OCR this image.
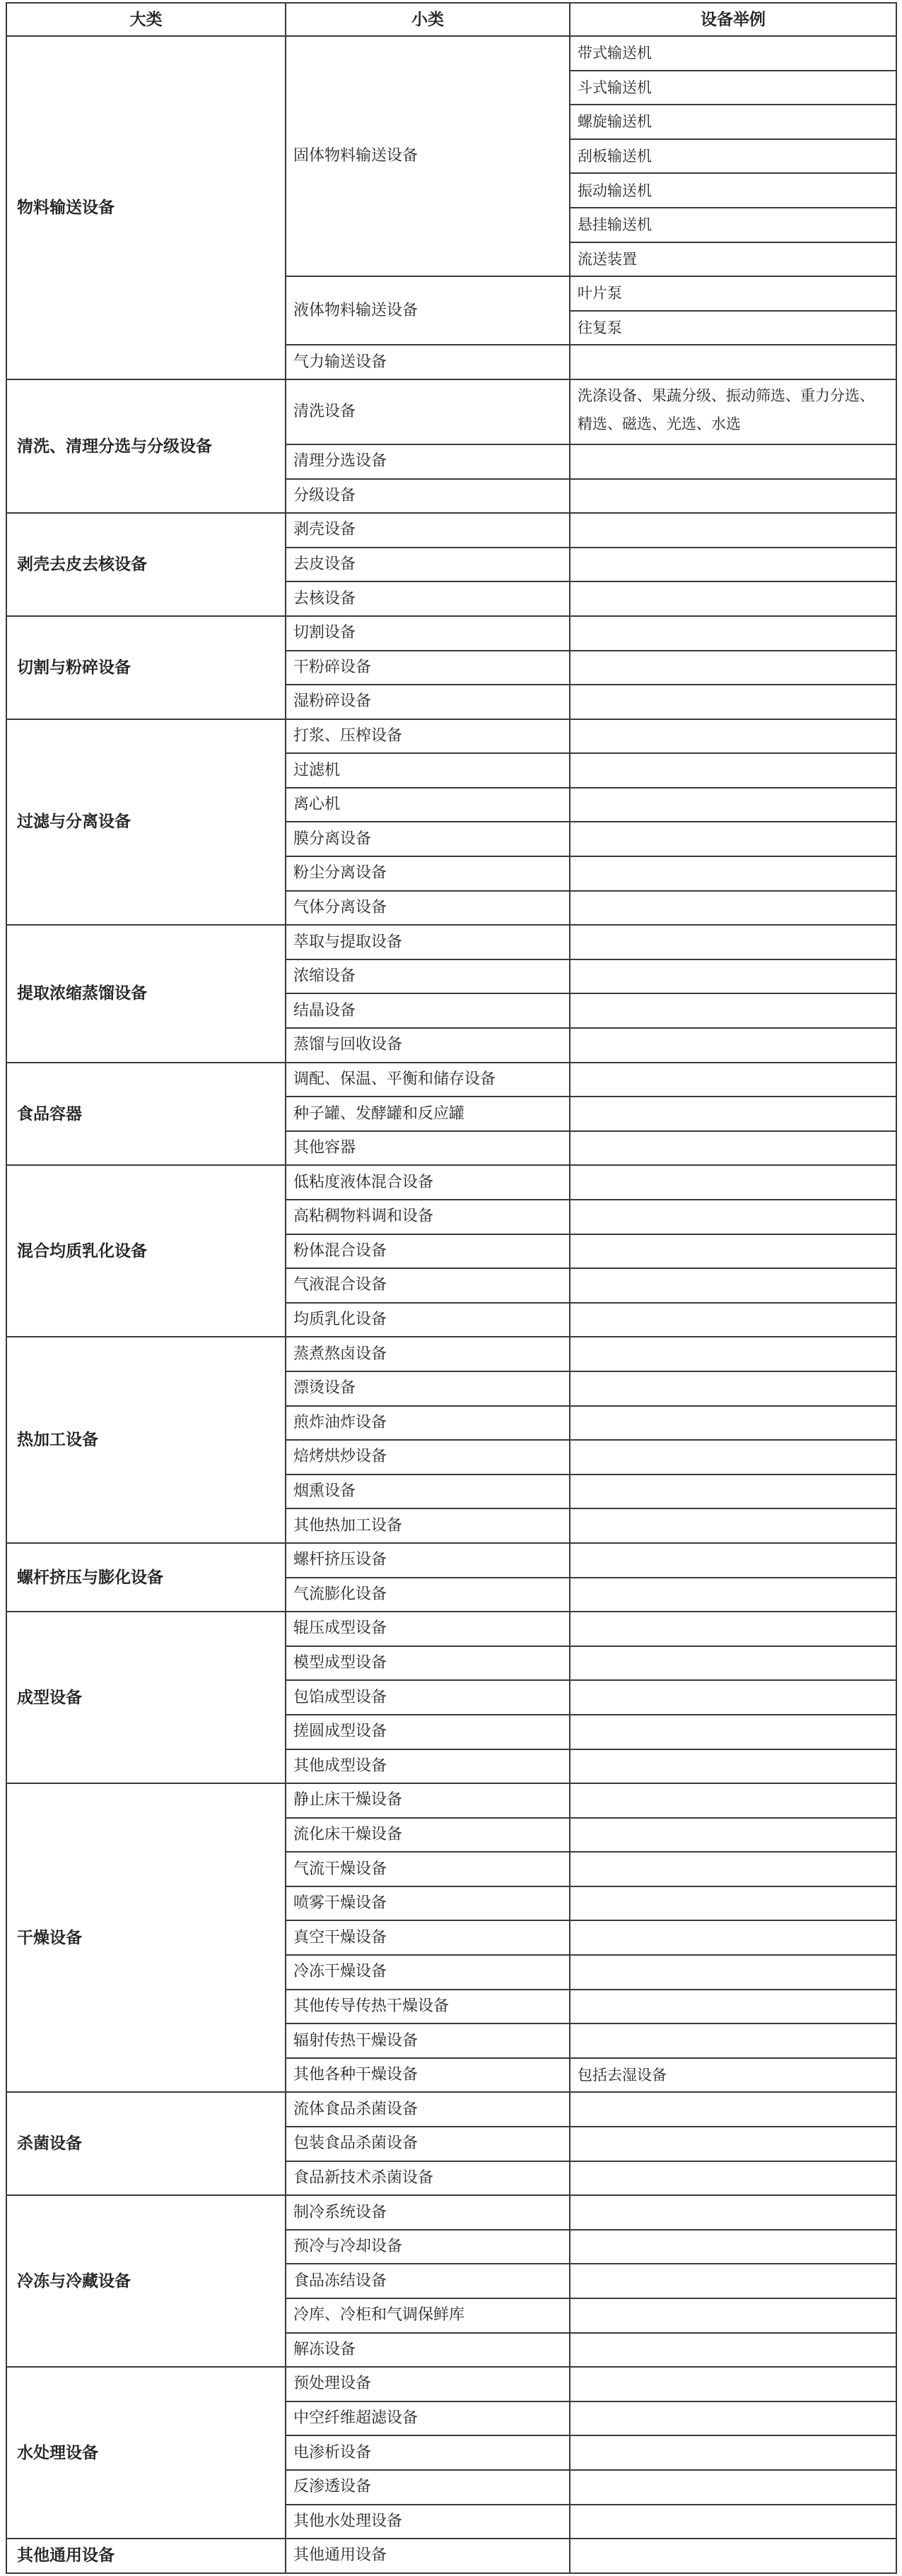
大类	小类	设备举例
物料输送设备	固体物料输送设备	带式输送机
		斗式输送机
		螺旋输送机
		刮板输送机
		振动输送机
		悬挂输送机
		流送装置
	液体物料输送设备	叶片泵
		往复泵
	气力输送设备	
清洗、清理分选与分级设备	清洗设备	洗涤设备、果蔬分级、振动筛选、重力分选、精选、磁选、光选、水选
	清理分选设备	
	分级设备	
剥壳去皮去核设备	剥壳设备	
	去皮设备	
	去核设备	
切割与粉碎设备	切割设备	
	干粉碎设备	
	湿粉碎设备	
过滤与分离设备	打浆、压榨设备	
	过滤机	
	离心机	
	膜分离设备	
	粉尘分离设备	
	气体分离设备	
提取浓缩蒸馏设备	萃取与提取设备	
	浓缩设备	
	结晶设备	
	蒸馏与回收设备	
食品容器	调配、保温、平衡和储存设备	
	种子罐、发酵罐和反应罐	
	其他容器	
混合均质乳化设备	低粘度液体混合设备	
	高粘稠物料调和设备	
	粉体混合设备	
	气液混合设备	
	均质乳化设备	
热加工设备	蒸煮熬卤设备	
	漂烫设备	
	煎炸油炸设备	
	焙烤烘炒设备	
	烟熏设备	
	其他热加工设备	
螺杆挤压与膨化设备	螺杆挤压设备	
	气流膨化设备	
成型设备	辊压成型设备	
	模型成型设备	
	包馅成型设备	
	搓圆成型设备	
	其他成型设备	
干燥设备	静止床干燥设备	
	流化床干燥设备	
	气流干燥设备	
	喷雾干燥设备	
	真空干燥设备	
	冷冻干燥设备	
	其他传导传热干燥设备	
	辐射传热干燥设备	
	其他各种干燥设备	包括去湿设备
杀菌设备	流体食品杀菌设备	
	包装食品杀菌设备	
	食品新技术杀菌设备	
冷冻与冷藏设备	制冷系统设备	
	预冷与冷却设备	
	食品冻结设备	
	冷库、冷柜和气调保鲜库	
	解冻设备	
水处理设备	预处理设备	
	中空纤维超滤设备	
	电渗析设备	
	反渗透设备	
	其他水处理设备	
其他通用设备	其他通用设备	
